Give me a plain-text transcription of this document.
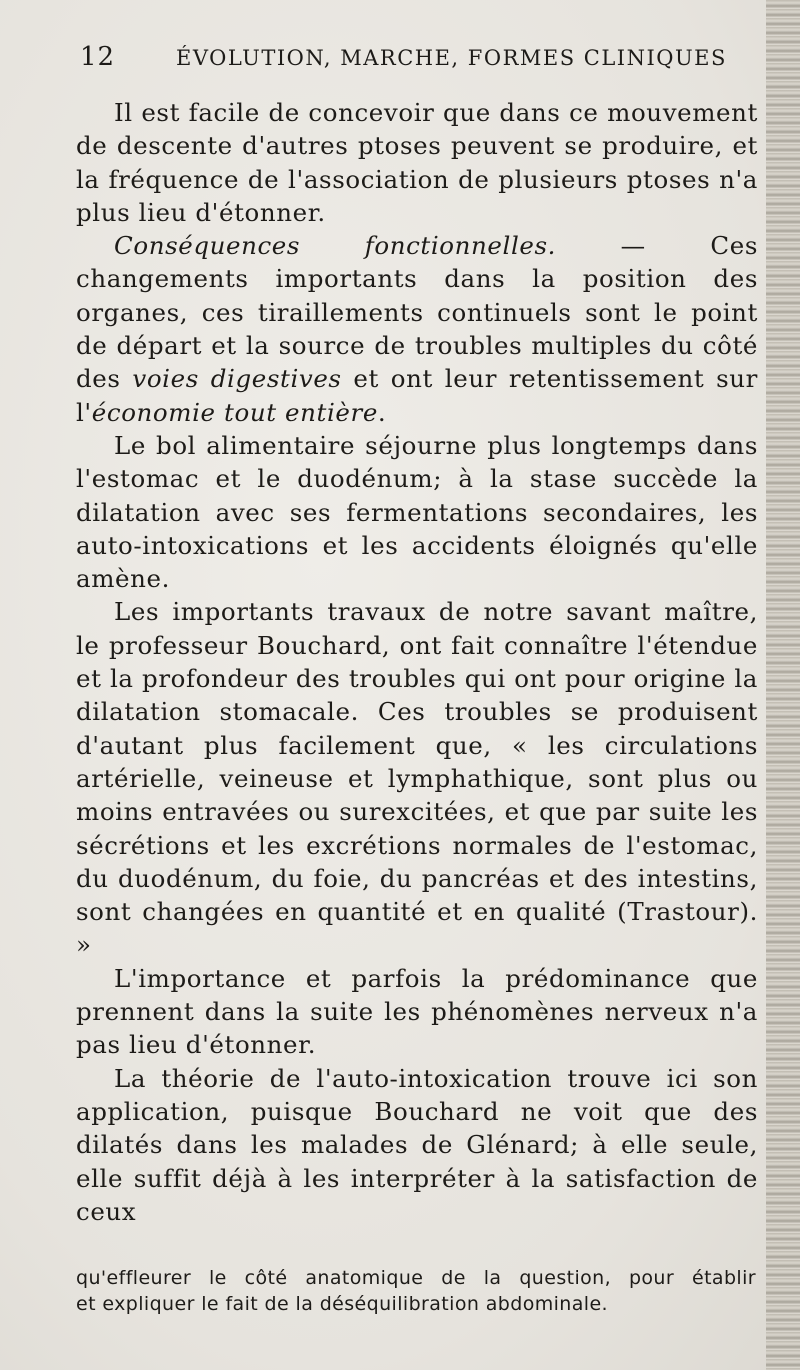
12	ÉVOLUTION, MARCHE, FORMES CLINIQUES

Il est facile de concevoir que dans ce mouvement de descente d'autres ptoses peuvent se produire, et la fréquence de l'association de plusieurs ptoses n'a plus lieu d'étonner.

Conséquences fonctionnelles. — Ces changements importants dans la position des organes, ces tiraillements continuels sont le point de départ et la source de troubles multiples du côté des voies digestives et ont leur retentissement sur l'économie tout entière.

Le bol alimentaire séjourne plus longtemps dans l'estomac et le duodénum; à la stase succède la dilatation avec ses fermentations secondaires, les auto-intoxications et les accidents éloignés qu'elle amène.

Les importants travaux de notre savant maître, le professeur Bouchard, ont fait connaître l'étendue et la profondeur des troubles qui ont pour origine la dilatation stomacale. Ces troubles se produisent d'autant plus facilement que, « les circulations artérielle, veineuse et lymphathique, sont plus ou moins entravées ou surexcitées, et que par suite les sécrétions et les excrétions normales de l'estomac, du duodénum, du foie, du pancréas et des intestins, sont changées en quantité et en qualité (Trastour). »

L'importance et parfois la prédominance que prennent dans la suite les phénomènes nerveux n'a pas lieu d'étonner.

La théorie de l'auto-intoxication trouve ici son application, puisque Bouchard ne voit que des dilatés dans les malades de Glénard; à elle seule, elle suffit déjà à les interpréter à la satisfaction de ceux

qu'effleurer le côté anatomique de la question, pour établir

et expliquer le fait de la déséquilibration abdominale.
